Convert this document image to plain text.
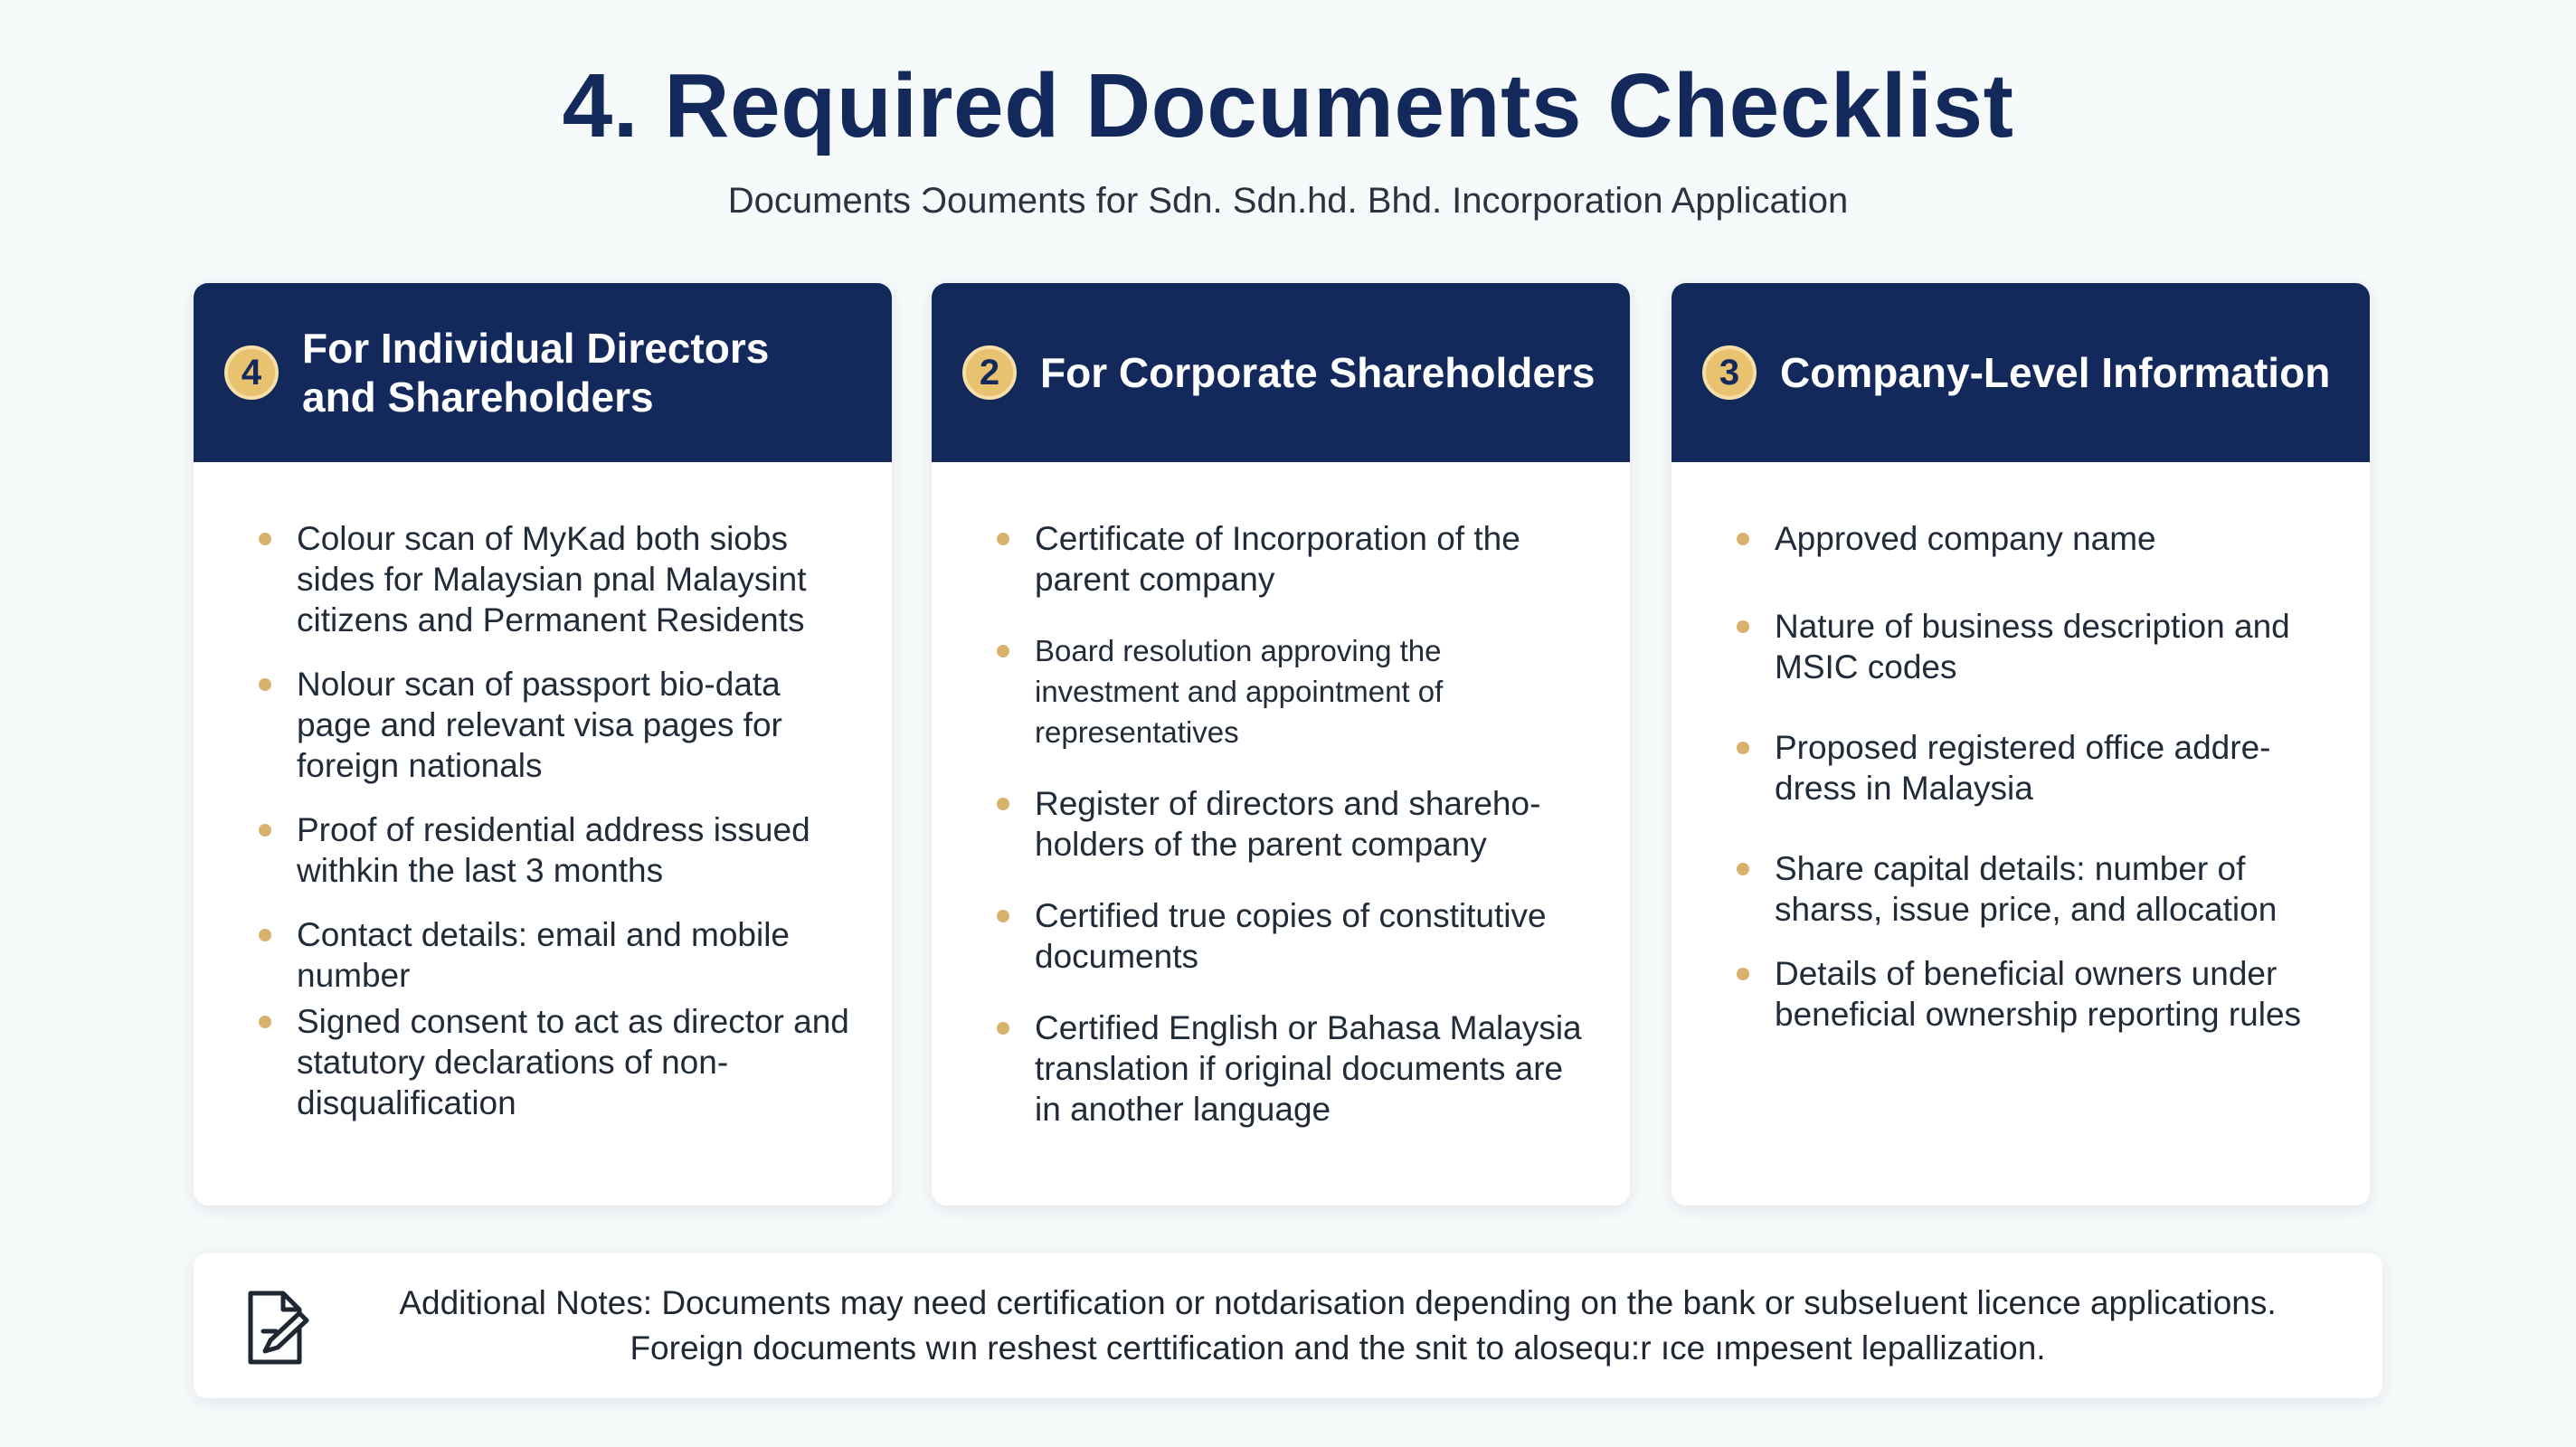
4. Required Documents Checklist
Documents Ɔouments for Sdn. Sdn.hd. Bhd. Incorporation Application
4
For Individual Directors and Shareholders
Colour scan of MyKad both siobs sides for Malaysian pnal Malaysint citizens and Permanent Residents
Nolour scan of passport bio-data page and relevant visa pages for foreign nationals
Proof of residential address issued withkin the last 3 months
Contact details: email and mobile number
Signed consent to act as director and statutory declarations of non-disqualification
2 For Corporate Shareholders
Certificate of Incorporation of the parent company
Board resolution approving the investment and appointment of representatives
Register of directors and shareho-holders of the parent company
Certified true copies of constitutive documents
Certified English or Bahasa Malaysia translation if original documents are in another language
3 Company-Level Information
Approved company name
Nature of business description and MSIC codes
Proposed registered office addre-dress in Malaysia
Share capital details: number of sharss, issue price, and allocation
Details of beneficial owners under beneficial ownership reporting rules
Additional Notes: Documents may need certification or notdarisation depending on the bank or subseIuent licence applications.
Foreign documents wın reshest certtification and the snit to alosequ:r ıce ımpesent lepallization.
